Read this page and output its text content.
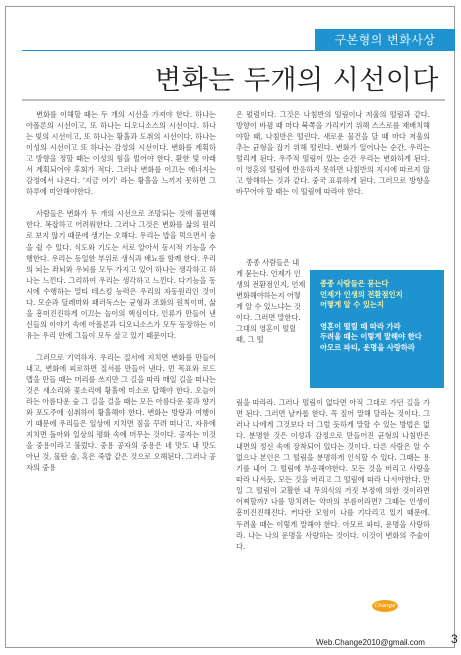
구본형의 변화사상
변화는 두개의 시선이다

변화를 이해할 때는 두 개의 시선을 가져야 한다. 하나는 아폴론의 시선이고, 또 하나는 디오니소스의 시선이다. 하나는 빛의 시선이고, 또 하나는 황홀과 도취의 시선이다. 하나는 이성의 시선이고 또 하나는 감성의 시선이다. 변화를 계획하고 방향을 정할 때는 이성의 힘을 빌어야 한다. 환한 빛 아래서 계획되어야 후회가 적다. 그러나 변화를 이끄는 에너지는 감정에서 나온다. '지금 여기' 라는 황홀을 느끼지 못하면 그 하루에 미안해야한다.

사람들은 변화가 두 개의 시선으로 조망되는 것에 불편해 한다. 복잡하고 어려워한다. 그러나 그것은 변화를 삶의 원리로 보지 않기 때문에 생기는 오해다. 우리는 밥을 먹으면서 숨을 쉴 수 있다. 식도와 기도는 서로 알아서 동시적 기능을 수행한다. 우리는 동일한 부위로 생식과 배뇨를 함께 한다. 우리의 뇌는 좌뇌와 우뇌를 모두 가지고 있어 하나는 생각하고 하나는 느낀다. 그리하여 우리는 생각하고 느낀다. 다기능을 동시에 수행하는 멀티 테스킹 능력은 우리의 자동원리인 것이다. 모순과 딜레마와 패러독스는 균형과 조화의 원칙이며, 삶을 흥미진진하게 이끄는 놀이의 핵심이다. 인류가 만들어 낸 신들의 이야기 속에 아폴론과 디오니소스가 모두 등장하는 이유는 우리 안에 그들이 모두 살고 있기 때문이다.

그러므로 기억하자. 우리는 질서에 지치면 변화를 만들어 내고, 변화에 피로하면 질서를 만들어 낸다. 먼 목표와 로드 맵을 만들 때는 머리를 쓰지만 그 길을 따라 매일 길을 떠나는 것은 새소리와 꽃소리에 황홀에 미소로 답해야 한다. 오늘이라는 아름다운 숲 그 길을 걸을 때는 모든 아름다운 꽃과 향기와 포도주에 심취하여 황홀해야 한다. 변화는 방랑과 여행이기 때문에 우리들은 일상에 지치면 짐을 꾸려 떠나고, 자유에 지치면 돌아와 일상의 평화 속에 머무는 것이다. 공자는 이것을 중용이라고 불렀다. 중용 공자의 중용은 네 맛도 내 맛도 아닌 것, 물탄 술, 혹은 죽밥 같은 것으로 오해된다. 그러나 공자의 중용

은 펄럼이다. 그것은 나침반의 떨림이나 저울의 떨림과 같다. 방향이 바뀜 때 마다 북쪽을 가리키기 위해 스스로를 재배치해야할 때, 나침반은 떨린다. 새로운 물건을 달 때 마다 저울의 추는 균형을 잡기 위해 떨린다. 변화가 일어나는 순간, 우리는 떨리게 된다. 우주적 떨림이 있는 순간 우리는 변화하게 된다. 이 영혼의 떨림에 반응하지 못하면 나침반의 지시에 따르지 않고 항해하는 것과 같다. 중국 표류하게 된다. 그러므로 방향을 바꾸어야 할 때는 이 떨림에 따라야 한다.

종종 사람들은 내게 묻는다. 언제가 인생의 전환점인지, 언제 변화해야하는지 어떻게 알 수 있느냐는 것이다. 그러면 말한다. 그대의 영혼이 떨릴 때, 그 떨

종종 사람들은 묻는다
언제가 인생의 전환점인지
어떻게 알 수 있는지
영혼이 떨릴 때 따라 가라
두려울 때는 이렇게 말해야 한다
아모르 파티, 운명을 사랑하라

림을 따라라. 그러나 떨림이 없다면 아직 그대로 가던 길을 가면 된다. 그러면 날카롭 한다. 꼭 짚어 말해 달라는 것이다. 그러나 나에게 그것보다 더 그럴 듯하게 말할 수 있는 방법은 없다. 분명한 것은 이성과 감정으로 만들어진 균형의 나침반은 내면의 정신 속에 장착되어 있다는 것이다. 다른 사람은 알 수 없으나 본인은 그 떨림을 분명하게 인식할 수 있다. 그때는 용기를 내어 그 떨림에 부응해야한다. 모든 것을 버리고 사랑을 따라 나서듯, 모든 것을 버리고 그 떨림에 따라 나서야한다. 만일 그 떨림이 교활한 내 무의식의 거짓 부정에 의한 것이라면 어찌할까? 나를 망치려는 악마의 부름이라면? 그때는 인생이 흥미진진해진다. 커다란 모험이 나를 기다리고 있기 때문에. 두려울 때는 이렇게 말해야 한다. 아모르 파티, 운명을 사랑하라. 나는 나의 운명을 사랑하는 것이다. 이것이 변화의 주술이다.

Change
Web.Change2010@gmail.com 3
